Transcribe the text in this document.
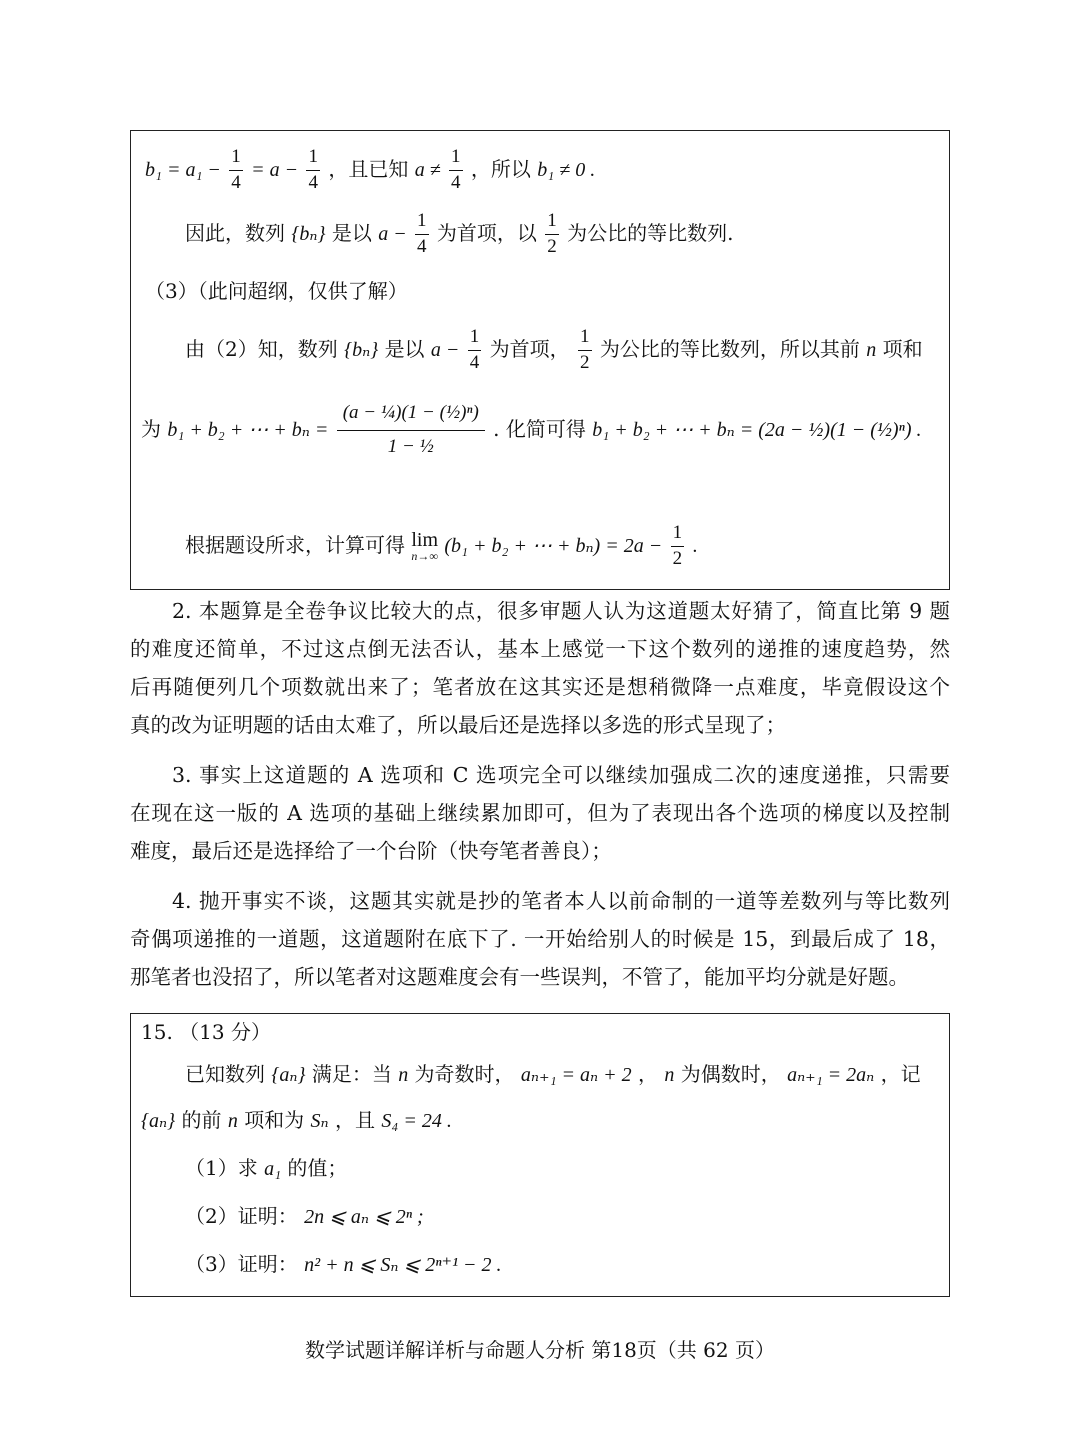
$b_1 = a_1 - \frac{1}{4} = a - \frac{1}{4}$ ，且已知 $a \ne \frac{1}{4}$ ，所以 b₁ ≠ 0 .
因此，数列 {bₙ} 是以 $a - \frac{1}{4}$ 为首项，以 $\frac{1}{2}$ 为公比的等比数列.
（3）（此问超纲，仅供了解）
由（2）知，数列 {bₙ} 是以 $a - \frac{1}{4}$ 为首项， $\frac{1}{2}$ 为公比的等比数列，所以其前 n 项和
为 b₁ + b₂ + ⋯ + $b_n = \frac{\text{(a − ¼)(1 − (½)ⁿ)}}{\text{1 − ½}}$ . 化简可得 b₁ + b₂ + ⋯ + bₙ = (2a − ½)(1 − (½)ⁿ) .
根据题设所求，计算可得 lim
n→∞ (b₁ + b₂ + ⋯ + $b_n) = 2a - \frac{1}{2}$ .
2. 本题算是全卷争议比较大的点，很多审题人认为这道题太好猜了，简直比第 9 题
的难度还简单，不过这点倒无法否认，基本上感觉一下这个数列的递推的速度趋势，然
后再随便列几个项数就出来了；笔者放在这其实还是想稍微降一点难度，毕竟假设这个
真的改为证明题的话由太难了，所以最后还是选择以多选的形式呈现了；
3. 事实上这道题的 A 选项和 C 选项完全可以继续加强成二次的速度递推，只需要
在现在这一版的 A 选项的基础上继续累加即可，但为了表现出各个选项的梯度以及控制
难度，最后还是选择给了一个台阶（快夸笔者善良）；
4. 抛开事实不谈，这题其实就是抄的笔者本人以前命制的一道等差数列与等比数列
奇偶项递推的一道题，这道题附在底下了. 一开始给别人的时候是 15，到最后成了 18，
那笔者也没招了，所以笔者对这题难度会有一些误判，不管了，能加平均分就是好题。
15. （13 分）
已知数列 {aₙ} 满足：当 n 为奇数时， aₙ₊₁ = aₙ + 2 ， n 为偶数时， aₙ₊₁ = 2aₙ ，记
{aₙ} 的前 n 项和为 Sₙ ，且 S₄ = 24 .
（1）求 a₁ 的值；
（2）证明： 2n ⩽ aₙ ⩽ 2ⁿ ;
（3）证明： n² + n ⩽ Sₙ ⩽ 2ⁿ⁺¹ − 2 .
数学试题详解详析与命题人分析 第18页（共 62 页）
